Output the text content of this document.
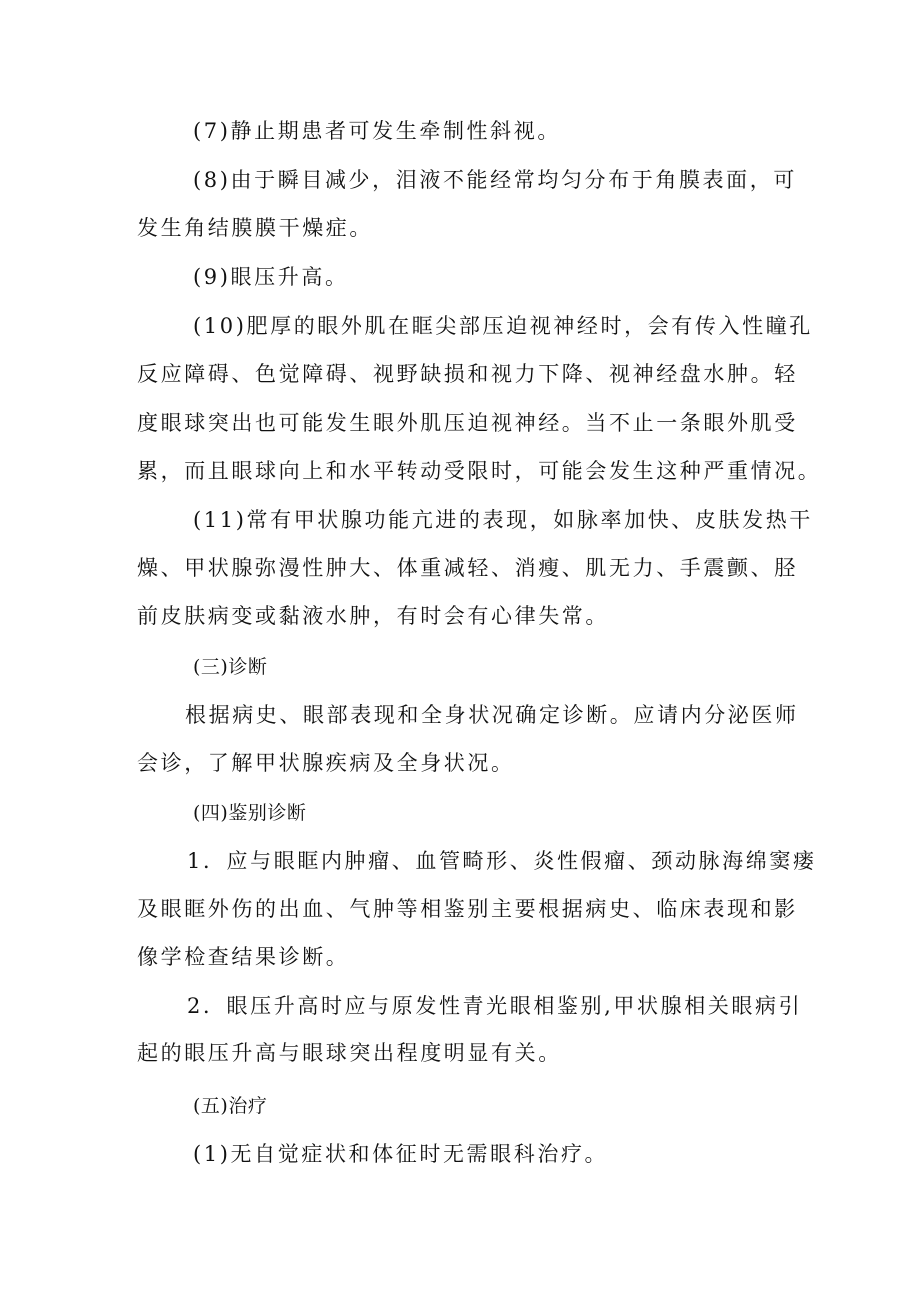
(7)静止期患者可发生牵制性斜视。
(8)由于瞬目减少，泪液不能经常均匀分布于角膜表面，可
发生角结膜膜干燥症。
(9)眼压升高。
(10)肥厚的眼外肌在眶尖部压迫视神经时，会有传入性瞳孔
反应障碍、色觉障碍、视野缺损和视力下降、视神经盘水肿。轻
度眼球突出也可能发生眼外肌压迫视神经。当不止一条眼外肌受
累，而且眼球向上和水平转动受限时，可能会发生这种严重情况。
(11)常有甲状腺功能亢进的表现，如脉率加快、皮肤发热干
燥、甲状腺弥漫性肿大、体重减轻、消瘦、肌无力、手震颤、胫
前皮肤病变或黏液水肿，有时会有心律失常。
(三)诊断
根据病史、眼部表现和全身状况确定诊断。应请内分泌医师
会诊，了解甲状腺疾病及全身状况。
(四)鉴别诊断
1．应与眼眶内肿瘤、血管畸形、炎性假瘤、颈动脉海绵窦瘘
及眼眶外伤的出血、气肿等相鉴别主要根据病史、临床表现和影
像学检查结果诊断。
2．眼压升高时应与原发性青光眼相鉴别,甲状腺相关眼病引
起的眼压升高与眼球突出程度明显有关。
(五)治疗
(1)无自觉症状和体征时无需眼科治疗。
